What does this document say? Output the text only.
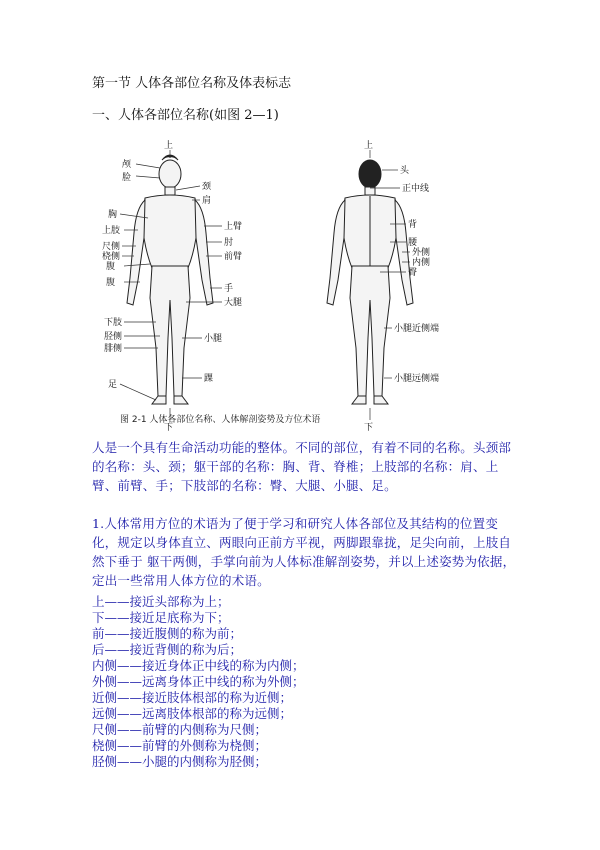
第一节 人体各部位名称及体表标志
一、人体各部位名称(如图 2—1)
上
颅
脸
颈
肩
胸
上肢	上臂
肘
前臂
尺侧
桡侧
腹
腹
手
大腿
下肢
胫侧
腓侧
小腿
踝
足
下
上
头
正中线
背
腰
外侧
内侧
臀
小腿近侧端
小腿远侧端
下
图 2-1 人体各部位名称、人体解剖姿势及方位术语
人是一个具有生命活动功能的整体。不同的部位，有着不同的名称。头颈部的名称：头、颈；躯干部的名称：胸、背、脊椎；上肢部的名称：肩、上臂、前臂、手；下肢部的名称：臀、大腿、小腿、足。
1.人体常用方位的术语为了便于学习和研究人体各部位及其结构的位置变化，规定以身体直立、两眼向正前方平视，两脚跟靠拢，足尖向前，上肢自然下垂于 躯干两侧，手掌向前为人体标准解剖姿势，并以上述姿势为依据，定出一些常用人体方位的术语。
上——接近头部称为上；
下——接近足底称为下；
前——接近腹侧的称为前；
后——接近背侧的称为后；
内侧——接近身体正中线的称为内侧；
外侧——远离身体正中线的称为外侧；
近侧——接近肢体根部的称为近侧；
远侧——远离肢体根部的称为远侧；
尺侧——前臂的内侧称为尺侧；
桡侧——前臂的外侧称为桡侧；
胫侧——小腿的内侧称为胫侧；
